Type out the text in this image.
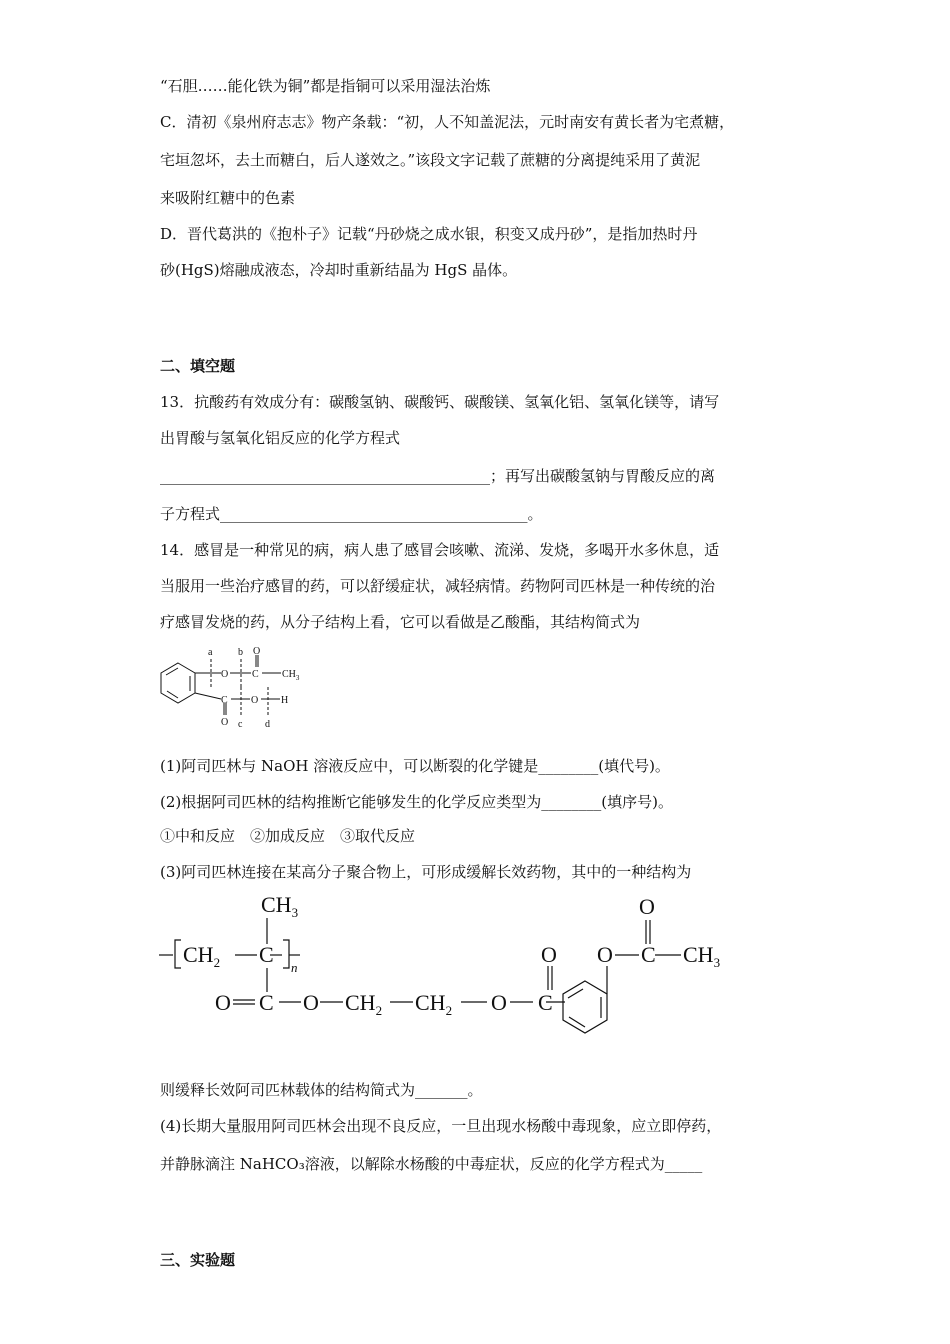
“石胆……能化铁为铜”都是指铜可以采用湿法治炼
C．清初《泉州府志志》物产条载：“初，人不知盖泥法，元时南安有黄长者为宅煮糖，
宅垣忽坏，去土而糖白，后人遂效之。”该段文字记载了蔗糖的分离提纯采用了黄泥
来吸附红糖中的色素
D．晋代葛洪的《抱朴子》记载“丹砂烧之成水银，积变又成丹砂”，是指加热时丹
砂(HgS)熔融成液态，冷却时重新结晶为 HgS 晶体。
二、填空题
13．抗酸药有效成分有：碳酸氢钠、碳酸钙、碳酸镁、氢氧化铝、氢氧化镁等，请写
出胃酸与氢氧化铝反应的化学方程式
____________________________________________；再写出碳酸氢钠与胃酸反应的离
子方程式_________________________________________。
14．感冒是一种常见的病，病人患了感冒会咳嗽、流涕、发烧，多喝开水多休息，适
当服用一些治疗感冒的药，可以舒缓症状，减轻病情。药物阿司匹林是一种传统的治
疗感冒发烧的药，从分子结构上看，它可以看做是乙酸酯，其结构简式为
a	b
c d
O C
O
$CH_3$
C
O
O H
(1)阿司匹林与 NaOH 溶液反应中，可以断裂的化学键是________(填代号)。
(2)根据阿司匹林的结构推断它能够发生的化学反应类型为________(填序号)。
①中和反应　②加成反应　③取代反应
(3)阿司匹林连接在某高分子聚合物上，可形成缓解长效药物，其中的一种结构为
$CH_3$
$CH_2$ C
n
O C O $CH_2$ $CH_2$ O
O
C
O C
O
$CH_3$
则缓释长效阿司匹林载体的结构简式为_______。
(4)长期大量服用阿司匹林会出现不良反应，一旦出现水杨酸中毒现象，应立即停药，
并静脉滴注 NaHCO₃溶液，以解除水杨酸的中毒症状，反应的化学方程式为_____
三、实验题
